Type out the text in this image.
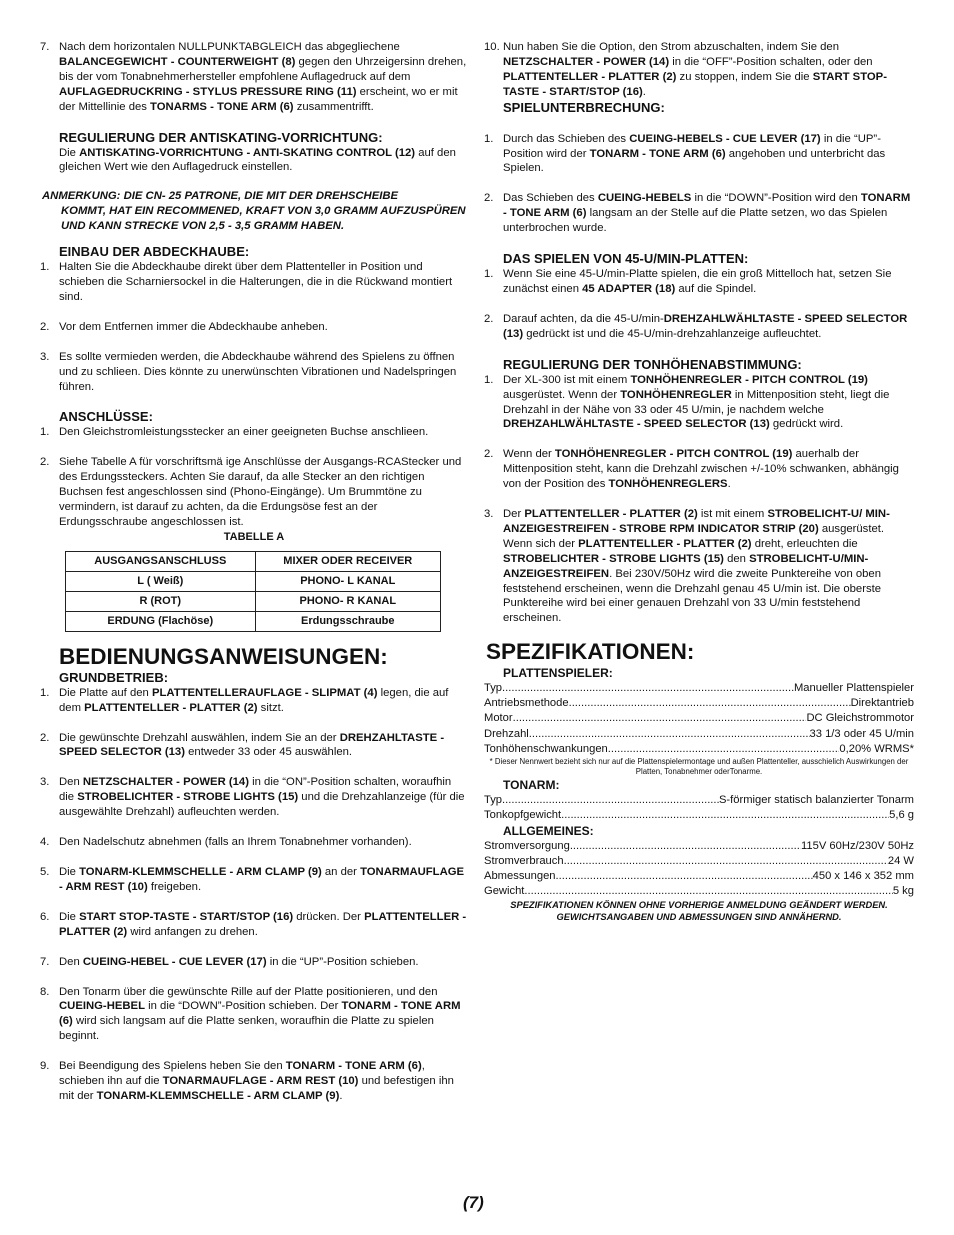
7. Nach dem horizontalen NULLPUNKTABGLEICH das abgegliechene BALANCEGEWICHT - COUNTERWEIGHT (8) gegen den Uhrzeigersinn drehen, bis der vom Tonabnehmerhersteller empfohlene Auflagedruck auf dem AUFLAGEDRUCKRING - STYLUS PRESSURE RING (11) erscheint, wo er mit der Mittellinie des TONARMS - TONE ARM (6) zusammentrifft.
REGULIERUNG DER ANTISKATING-VORRICHTUNG:
Die ANTISKATING-VORRICHTUNG - ANTI-SKATING CONTROL (12) auf den gleichen Wert wie den Auflagedruck einstellen.
ANMERKUNG: DIE CN- 25 PATRONE, DIE MIT DER DREHSCHEIBE
KOMMT, HAT EIN RECOMMENED, KRAFT VON 3,0 GRAMM AUFZUSPÜREN UND KANN STRECKE VON 2,5 - 3,5 GRAMM HABEN.
EINBAU DER ABDECKHAUBE:
1. Halten Sie die Abdeckhaube direkt über dem Plattenteller in Position und schieben die Scharniersockel in die Halterungen, die in die Rückwand montiert sind.
2. Vor dem Entfernen immer die Abdeckhaube anheben.
3. Es sollte vermieden werden, die Abdeckhaube während des Spielens zu öffnen und zu schlieen. Dies könnte zu unerwünschten Vibrationen und Nadelspringen führen.
ANSCHLÜSSE:
1. Den Gleichstromleistungsstecker an einer geeigneten Buchse anschlieen.
2. Siehe Tabelle A für vorschriftsmä ige Anschlüsse der Ausgangs-RCAStecker und des Erdungssteckers. Achten Sie darauf, da alle Stecker an den richtigen Buchsen fest angeschlossen sind (Phono-Eingänge). Um Brummtöne zu vermindern, ist darauf zu achten, da die Erdungsöse fest an der Erdungsschraube angeschlossen ist.
TABELLE A
AUSGANGSANSCHLUSS	MIXER ODER RECEIVER
L ( Weiß)	PHONO- L KANAL
R (ROT)	PHONO- R KANAL
ERDUNG (Flachöse)	Erdungsschraube
BEDIENUNGSANWEISUNGEN:
GRUNDBETRIEB:
1. Die Platte auf den PLATTENTELLERAUFLAGE - SLIPMAT (4) legen, die auf dem PLATTENTELLER - PLATTER (2) sitzt.
2. Die gewünschte Drehzahl auswählen, indem Sie an der DREHZAHLTASTE - SPEED SELECTOR (13) entweder 33 oder 45 auswählen.
3. Den NETZSCHALTER - POWER (14) in die “ON”-Position schalten, woraufhin die STROBELICHTER - STROBE LIGHTS (15) und die Drehzahlanzeige (für die ausgewählte Drehzahl) aufleuchten werden.
4. Den Nadelschutz abnehmen (falls an Ihrem Tonabnehmer vorhanden).
5. Die TONARM-KLEMMSCHELLE - ARM CLAMP (9) an der TONARMAUFLAGE - ARM REST (10) freigeben.
6. Die START STOP-TASTE - START/STOP (16) drücken. Der PLATTENTELLER - PLATTER (2) wird anfangen zu drehen.
7. Den CUEING-HEBEL - CUE LEVER (17) in die “UP”-Position schieben.
8. Den Tonarm über die gewünschte Rille auf der Platte positionieren, und den CUEING-HEBEL in die “DOWN”-Position schieben. Der TONARM - TONE ARM (6) wird sich langsam auf die Platte senken, woraufhin die Platte zu spielen beginnt.
9. Bei Beendigung des Spielens heben Sie den TONARM - TONE ARM (6), schieben ihn auf die TONARMAUFLAGE - ARM REST (10) und befestigen ihn mit der TONARM-KLEMMSCHELLE - ARM CLAMP (9).
10. Nun haben Sie die Option, den Strom abzuschalten, indem Sie den NETZSCHALTER - POWER (14) in die “OFF”-Position schalten, oder den PLATTENTELLER - PLATTER (2) zu stoppen, indem Sie die START STOP-TASTE - START/STOP (16).
SPIELUNTERBRECHUNG:
1. Durch das Schieben des CUEING-HEBELS - CUE LEVER (17) in die “UP”-Position wird der TONARM - TONE ARM (6) angehoben und unterbricht das Spielen.
2. Das Schieben des CUEING-HEBELS in die “DOWN”-Position wird den TONARM - TONE ARM (6) langsam an der Stelle auf die Platte setzen, wo das Spielen unterbrochen wurde.
DAS SPIELEN VON 45-U/MIN-PLATTEN:
1. Wenn Sie eine 45-U/min-Platte spielen, die ein groß Mittelloch hat, setzen Sie zunächst einen 45 ADAPTER (18) auf die Spindel.
2. Darauf achten, da die 45-U/min-DREHZAHLWÄHLTASTE - SPEED SELECTOR (13) gedrückt ist und die 45-U/min-drehzahlanzeige aufleuchtet.
REGULIERUNG DER TONHÖHENABSTIMMUNG:
1. Der XL-300 ist mit einem TONHÖHENREGLER - PITCH CONTROL (19) ausgerüstet. Wenn der TONHÖHENREGLER in Mittenposition steht, liegt die Drehzahl in der Nähe von 33 oder 45 U/min, je nachdem welche DREHZAHLWÄHLTASTE - SPEED SELECTOR (13) gedrückt wird.
2. Wenn der TONHÖHENREGLER - PITCH CONTROL (19) auerhalb der Mittenposition steht, kann die Drehzahl zwischen +/-10% schwanken, abhängig von der Position des TONHÖHENREGLERS.
3. Der PLATTENTELLER - PLATTER (2) ist mit einem STROBELICHT-U/ MIN-ANZEIGESTREIFEN - STROBE RPM INDICATOR STRIP (20) ausgerüstet. Wenn sich der PLATTENTELLER - PLATTER (2) dreht, erleuchten die STROBELICHTER - STROBE LIGHTS (15) den STROBELICHT-U/MIN-ANZEIGESTREIFEN. Bei 230V/50Hz wird die zweite Punktereihe von oben feststehend erscheinen, wenn die Drehzahl genau 45 U/min ist. Die oberste Punktereihe wird bei einer genauen Drehzahl von 33 U/min feststehend erscheinen.
SPEZIFIKATIONEN:
PLATTENSPIELER:
Typ .....	Manueller Plattenspieler
Antriebsmethode .....	Direktantrieb
Motor .....	DC Gleichstrommotor
Drehzahl .....	33 1/3 oder 45 U/min
Tonhöhenschwankungen .....	0,20% WRMS*
* Dieser Nennwert bezieht sich nur auf die Plattenspielermontage und außen Plattenteller, ausschielich Auswirkungen der Platten, Tonabnehmer oderTonarme.
TONARM:
Typ .....	S-förmiger statisch balanzierter Tonarm
Tonkopfgewicht .....	5,6 g
ALLGEMEINES:
Stromversorgung .....	115V 60Hz/230V 50Hz
Stromverbrauch .....	24 W
Abmessungen .....	450 x 146 x 352 mm
Gewicht .....	5 kg
SPEZIFIKATIONEN KÖNNEN OHNE VORHERIGE ANMELDUNG GEÄNDERT WERDEN. GEWICHTSANGABEN UND ABMESSUNGEN SIND ANNÄHERND.
(7)
